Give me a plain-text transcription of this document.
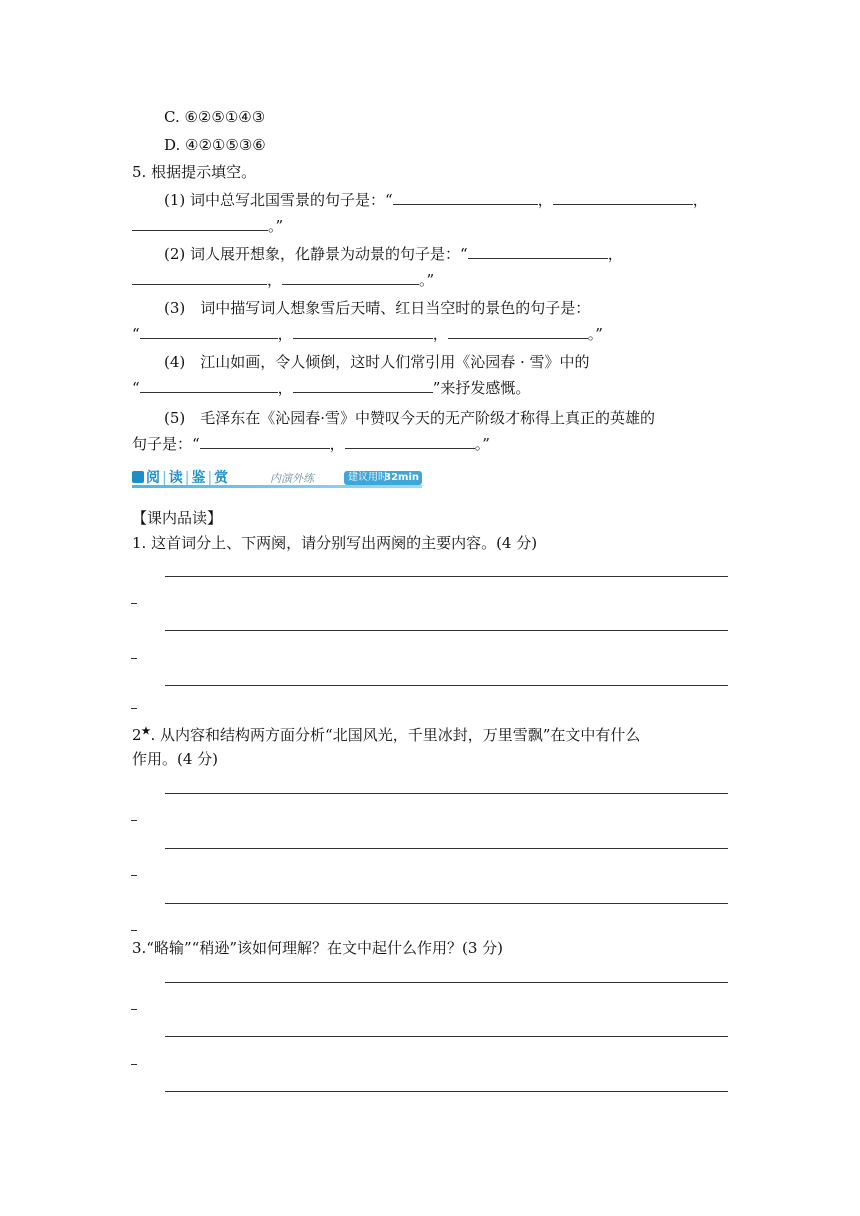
C. ⑥②⑤①④③
D. ④②①⑤③⑥
5. 根据提示填空。
(1) 词中总写北国雪景的句子是：“	，	，
。”
(2) 词人展开想象，化静景为动景的句子是：“	，
，	。”
(3)　词中描写词人想象雪后天晴、红日当空时的景色的句子是：
“	，	，	。”
(4)　江山如画，令人倾倒，这时人们常引用《沁园春 · 雪》中的
“	，	”来抒发感慨。
(5)　毛泽东在《沁园春·雪》中赞叹今天的无产阶级才称得上真正的英雄的
句子是：“	，	。”
阅|读|鉴|赏	内演外练	建议用时
32min
【课内品读】
1. 这首词分上、下两阕，请分别写出两阕的主要内容。(4 分)
2★. 从内容和结构两方面分析“北国风光，千里冰封，万里雪飘”在文中有什么
作用。(4 分)
3.“略输”“稍逊”该如何理解？在文中起什么作用？(3 分)
